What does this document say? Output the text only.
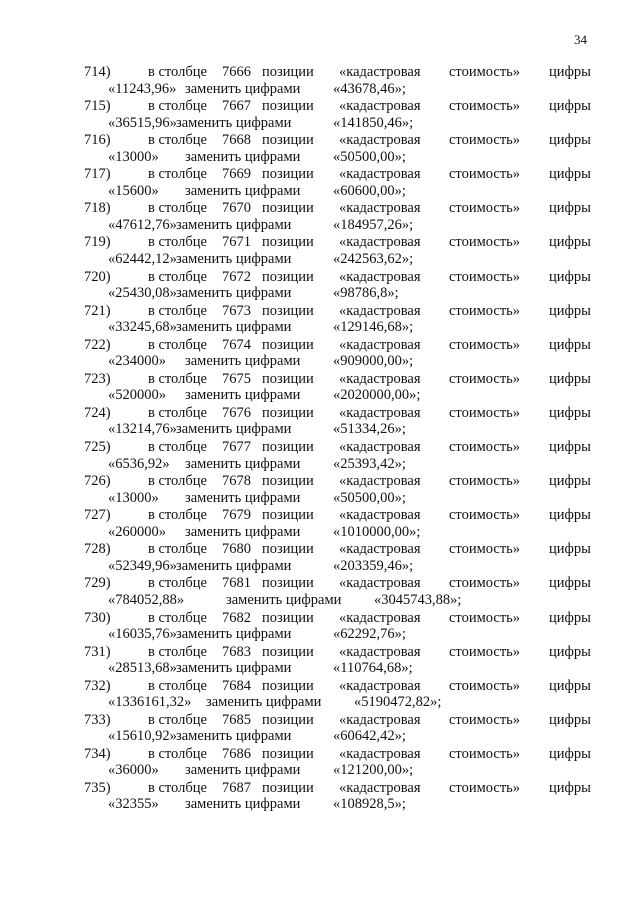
34
714)	в столбце 7666 позиции «кадастровая стоимость» цифры
«11243,96» заменить цифрами «43678,46»;
715)	в столбце 7667 позиции «кадастровая стоимость» цифры
«36515,96» заменить цифрами	«141850,46»;
716)	в столбце 7668 позиции «кадастровая стоимость» цифры
«13000» заменить цифрами «50500,00»;
717)	в столбце 7669 позиции «кадастровая стоимость» цифры
«15600» заменить цифрами «60600,00»;
718)	в столбце 7670 позиции «кадастровая стоимость» цифры
«47612,76» заменить цифрами	«184957,26»;
719)	в столбце 7671 позиции «кадастровая стоимость» цифры
«62442,12» заменить цифрами	«242563,62»;
720)	в столбце 7672 позиции «кадастровая стоимость» цифры
«25430,08» заменить цифрами	«98786,8»;
721)	в столбце 7673 позиции «кадастровая стоимость» цифры
«33245,68» заменить цифрами	«129146,68»;
722)	в столбце 7674 позиции «кадастровая стоимость» цифры
«234000» заменить цифрами «909000,00»;
723)	в столбце 7675 позиции «кадастровая стоимость» цифры
«520000» заменить цифрами «2020000,00»;
724)	в столбце 7676 позиции «кадастровая стоимость» цифры
«13214,76» заменить цифрами	«51334,26»;
725)	в столбце 7677 позиции «кадастровая стоимость» цифры
«6536,92» заменить цифрами «25393,42»;
726)	в столбце 7678 позиции «кадастровая стоимость» цифры
«13000» заменить цифрами «50500,00»;
727)	в столбце 7679 позиции «кадастровая стоимость» цифры
«260000» заменить цифрами «1010000,00»;
728)	в столбце 7680 позиции «кадастровая стоимость» цифры
«52349,96» заменить цифрами	«203359,46»;
729)	в столбце 7681 позиции «кадастровая стоимость» цифры
«784052,88»	заменить цифрами «3045743,88»;
730)	в столбце 7682 позиции «кадастровая стоимость» цифры
«16035,76» заменить цифрами	«62292,76»;
731)	в столбце 7683 позиции «кадастровая стоимость» цифры
«28513,68» заменить цифрами	«110764,68»;
732)	в столбце 7684 позиции «кадастровая стоимость» цифры
«1336161,32» заменить цифрами «5190472,82»;
733)	в столбце 7685 позиции «кадастровая стоимость» цифры
«15610,92» заменить цифрами	«60642,42»;
734)	в столбце 7686 позиции «кадастровая стоимость» цифры
«36000» заменить цифрами «121200,00»;
735)	в столбце 7687 позиции «кадастровая стоимость» цифры
«32355» заменить цифрами «108928,5»;
